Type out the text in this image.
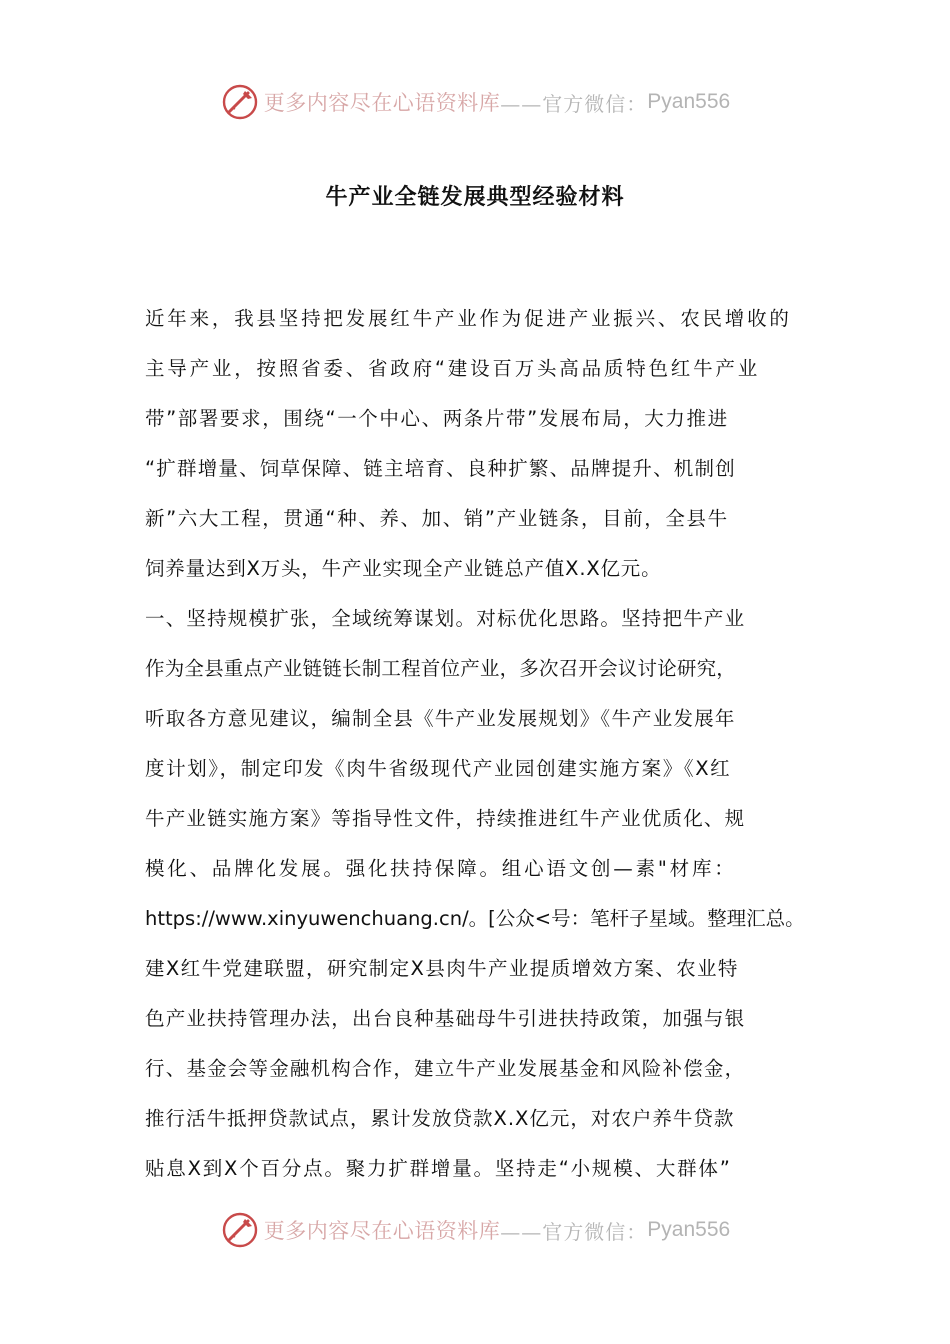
更多内容尽在心语资料库 ——官方微信： Pyan556
牛产业全链发展典型经验材料
近年来，我县坚持把发展红牛产业作为促进产业振兴、农民增收的
主导产业，按照省委、省政府“建设百万头高品质特色红牛产业
带”部署要求，围绕“一个中心、两条片带”发展布局，大力推进
“扩群增量、饲草保障、链主培育、良种扩繁、品牌提升、机制创
新”六大工程，贯通“种、养、加、销”产业链条，目前，全县牛
饲养量达到X万头，牛产业实现全产业链总产值X.X亿元。
一、坚持规模扩张，全域统筹谋划。对标优化思路。坚持把牛产业
作为全县重点产业链链长制工程首位产业，多次召开会议讨论研究，
听取各方意见建议，编制全县《牛产业发展规划》《牛产业发展年
度计划》，制定印发《肉牛省级现代产业园创建实施方案》《X红
牛产业链实施方案》等指导性文件，持续推进红牛产业优质化、规
模化、品牌化发展。强化扶持保障。组心语文创—素"材库：
https://www.xinyuwenchuang.cn/。[公众<号：笔杆子星域。整理汇总。
建X红牛党建联盟，研究制定X县肉牛产业提质增效方案、农业特
色产业扶持管理办法，出台良种基础母牛引进扶持政策，加强与银
行、基金会等金融机构合作，建立牛产业发展基金和风险补偿金，
推行活牛抵押贷款试点，累计发放贷款X.X亿元，对农户养牛贷款
贴息X到X个百分点。聚力扩群增量。坚持走“小规模、大群体”
更多内容尽在心语资料库 ——官方微信： Pyan556
